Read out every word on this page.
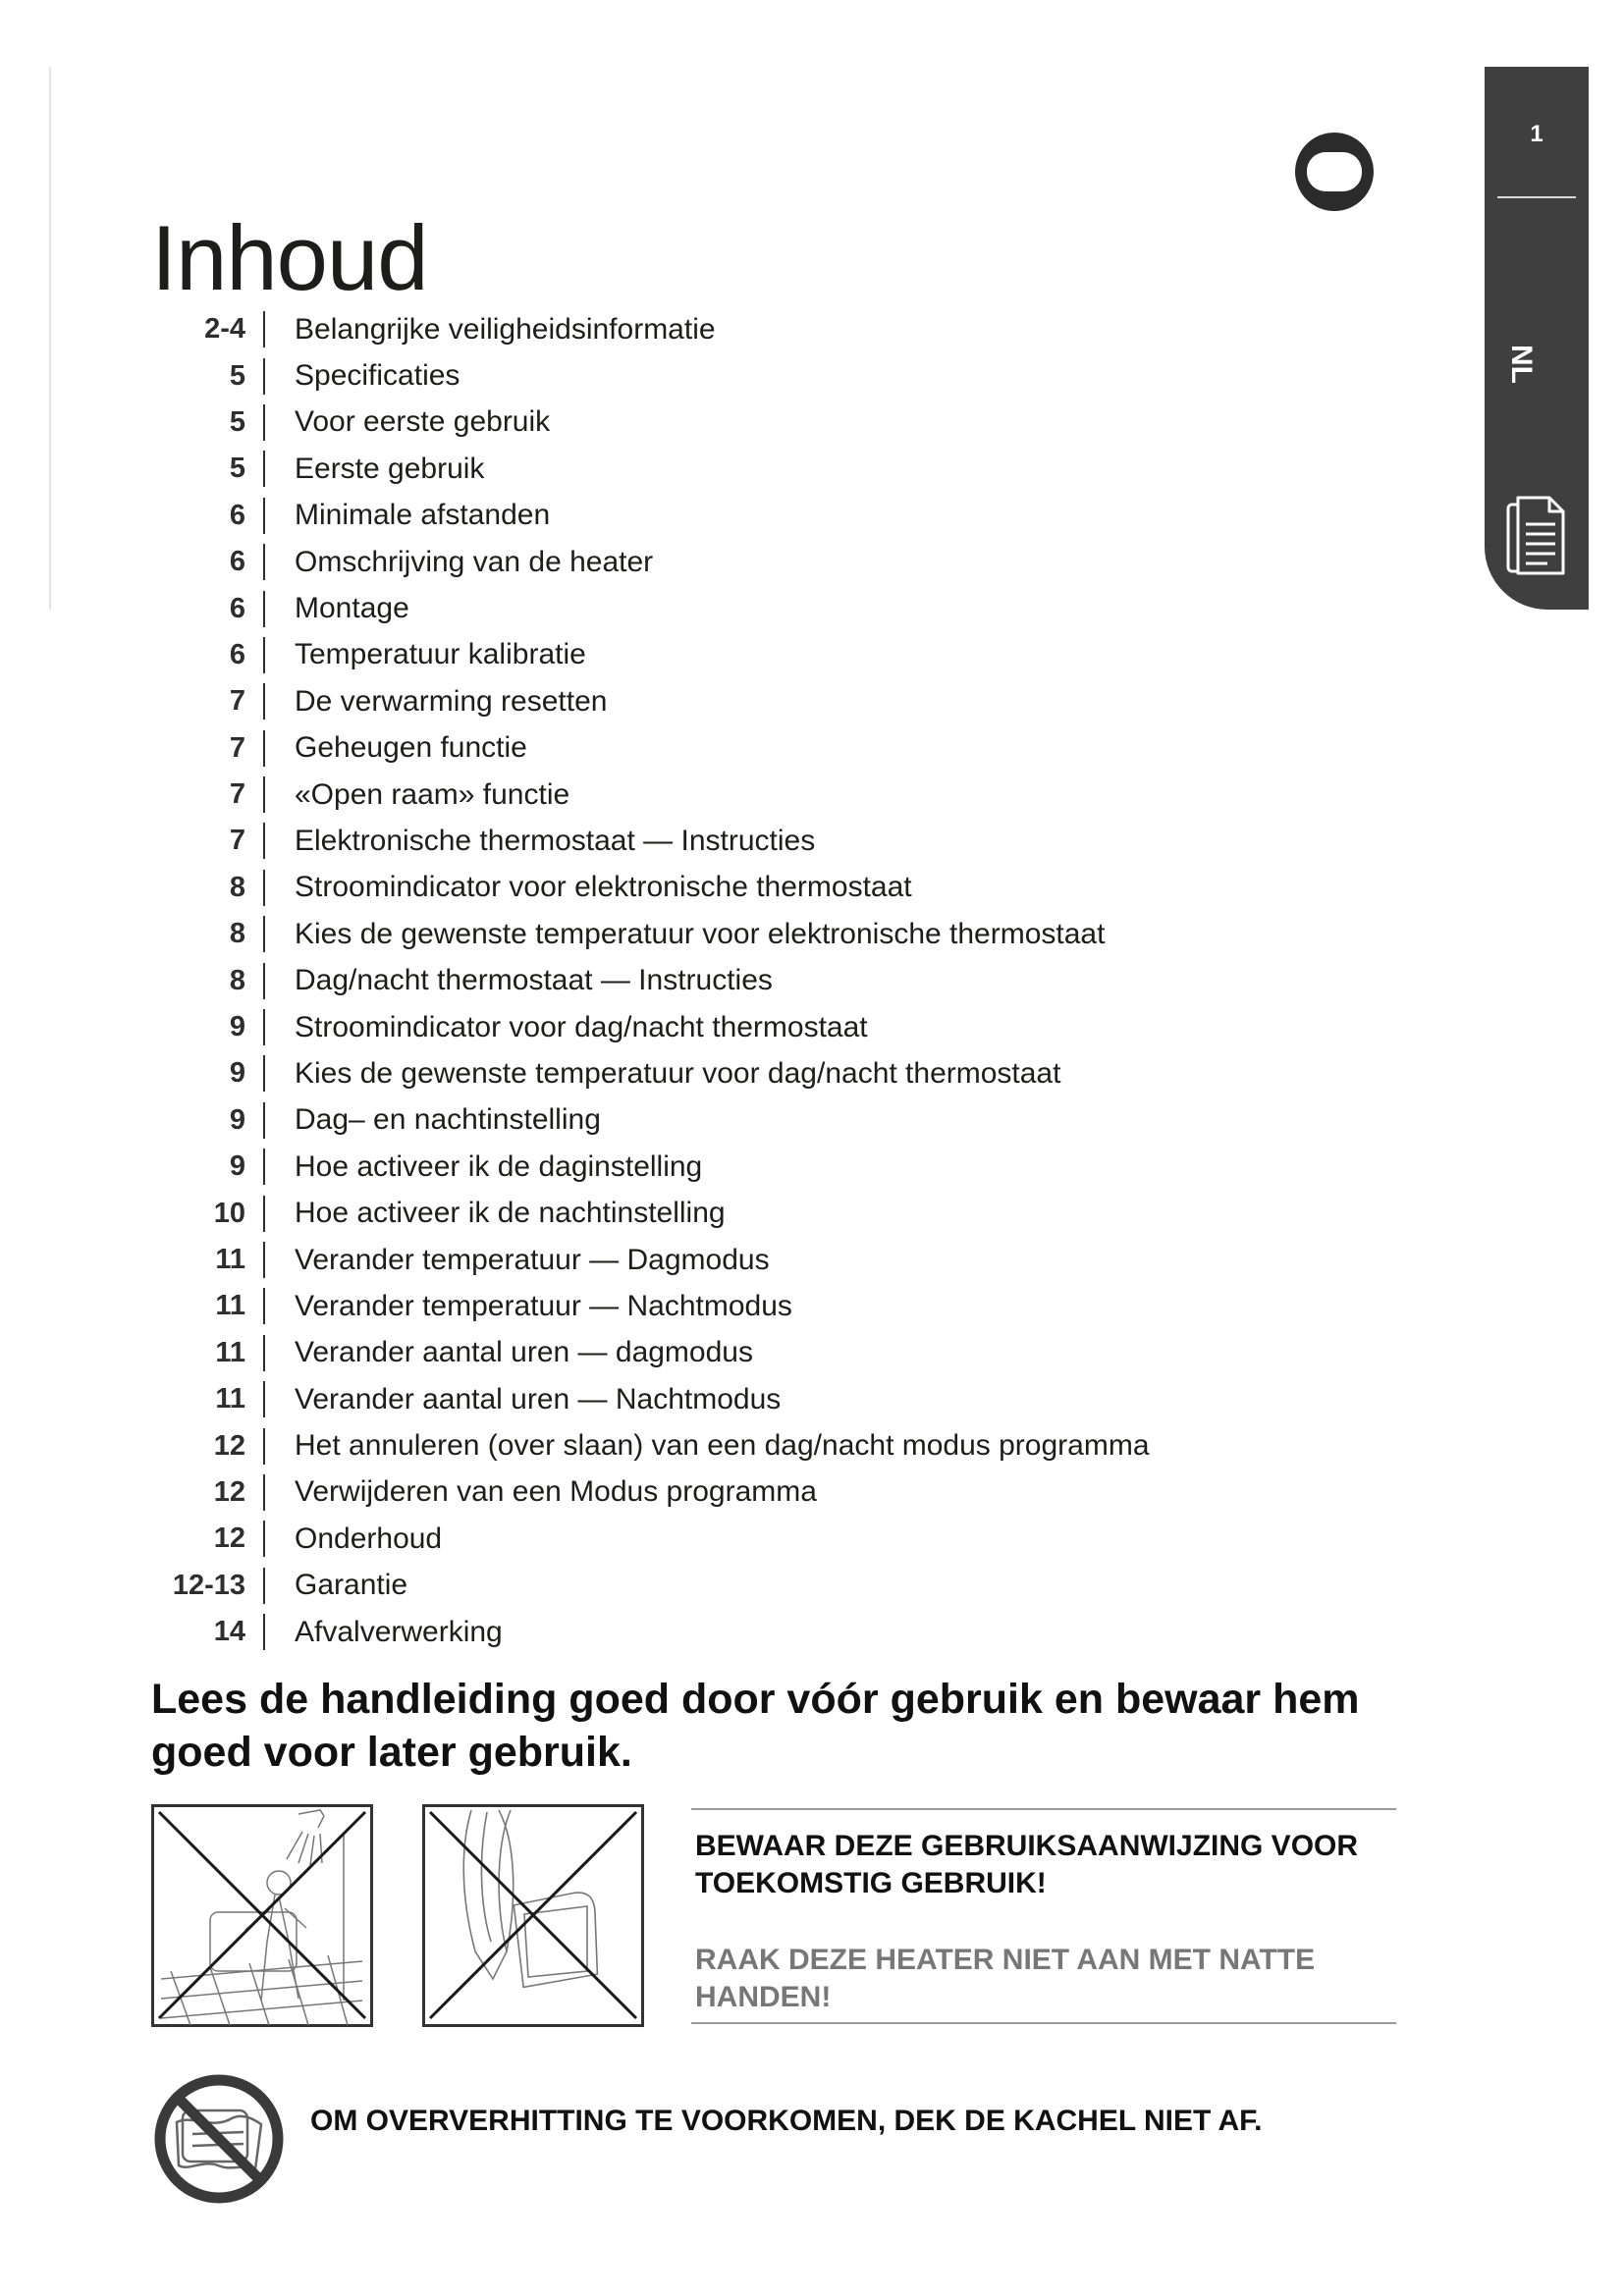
1
NL
Inhoud
2-4 Belangrijke veiligheidsinformatie
5 Specificaties
5 Voor eerste gebruik
5 Eerste gebruik
6 Minimale afstanden
6 Omschrijving van de heater
6 Montage
6 Temperatuur kalibratie
7 De verwarming resetten
7 Geheugen functie
7 «Open raam» functie
7 Elektronische thermostaat — Instructies
8 Stroomindicator voor elektronische thermostaat
8 Kies de gewenste temperatuur voor elektronische thermostaat
8 Dag/nacht thermostaat — Instructies
9 Stroomindicator voor dag/nacht thermostaat
9 Kies de gewenste temperatuur voor dag/nacht thermostaat
9 Dag– en nachtinstelling
9 Hoe activeer ik de daginstelling
10 Hoe activeer ik de nachtinstelling
11 Verander temperatuur — Dagmodus
11 Verander temperatuur — Nachtmodus
11 Verander aantal uren — dagmodus
11 Verander aantal uren — Nachtmodus
12 Het annuleren (over slaan) van een dag/nacht modus programma
12 Verwijderen van een Modus programma
12 Onderhoud
12-13 Garantie
14 Afvalverwerking

Lees de handleiding goed door vóór gebruik en bewaar hem goed voor later gebruik.

BEWAAR DEZE GEBRUIKSAANWIJZING VOOR TOEKOMSTIG GEBRUIK!

RAAK DEZE HEATER NIET AAN MET NATTE HANDEN!

OM OVERVERHITTING TE VOORKOMEN, DEK DE KACHEL NIET AF.
